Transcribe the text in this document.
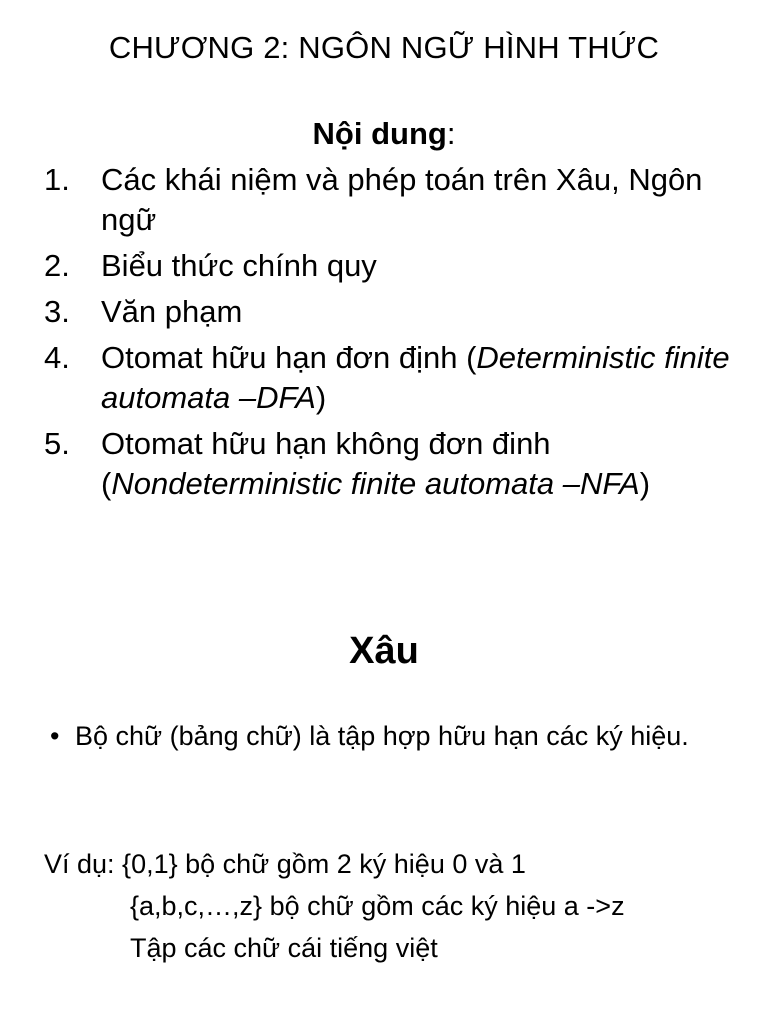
CHƯƠNG 2: NGÔN NGỮ HÌNH THỨC
Nội dung:
1. Các khái niệm và phép toán trên Xâu, Ngôn ngữ
2. Biểu thức chính quy
3. Văn phạm
4. Otomat hữu hạn đơn định (Deterministic finite automata –DFA)
5. Otomat hữu hạn không đơn đinh (Nondeterministic finite automata –NFA)
Xâu
• Bộ chữ (bảng chữ) là tập hợp hữu hạn các ký hiệu.
Ví dụ: {0,1} bộ chữ gồm 2 ký hiệu 0 và 1
{a,b,c,…,z} bộ chữ gồm các ký hiệu a ->z
Tập các chữ cái tiếng việt
